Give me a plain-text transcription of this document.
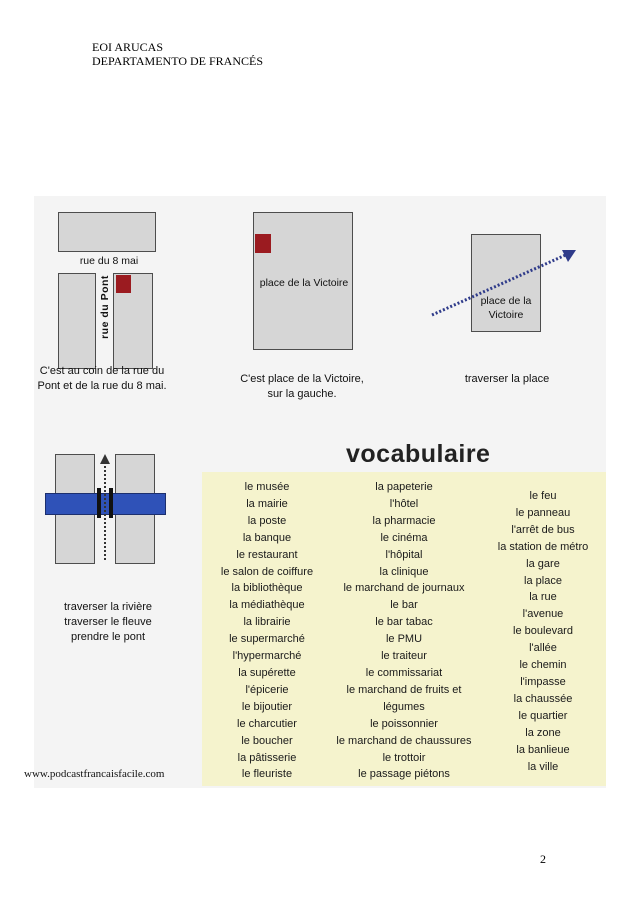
EOI ARUCAS
DEPARTAMENTO DE FRANCÉS
rue du 8 mai
rue du Pont
C'est au coin de la rue du Pont et de la rue du 8 mai.
place de la Victoire
C'est place de la Victoire, sur la gauche.
place de la Victoire
traverser la place
traverser la rivière
traverser le fleuve
prendre le pont
vocabulaire
le musée
la mairie
la poste
la banque
le restaurant
le salon de coiffure
la bibliothèque
la médiathèque
la librairie
le supermarché
l'hypermarché
la supérette
l'épicerie
le bijoutier
le charcutier
le boucher
la pâtisserie
le fleuriste
la papeterie
l'hôtel
la pharmacie
le cinéma
l'hôpital
la clinique
le marchand de journaux
le bar
le bar tabac
le PMU
le traiteur
le commissariat
le marchand de fruits et
légumes
le poissonnier
le marchand de chaussures
le trottoir
le passage piétons
le feu
le panneau
l'arrêt de bus
la station de métro
la gare
la place
la rue
l'avenue
le boulevard
l'allée
le chemin
l'impasse
la chaussée
le quartier
la zone
la banlieue
la ville
www.podcastfrancaisfacile.com
2
